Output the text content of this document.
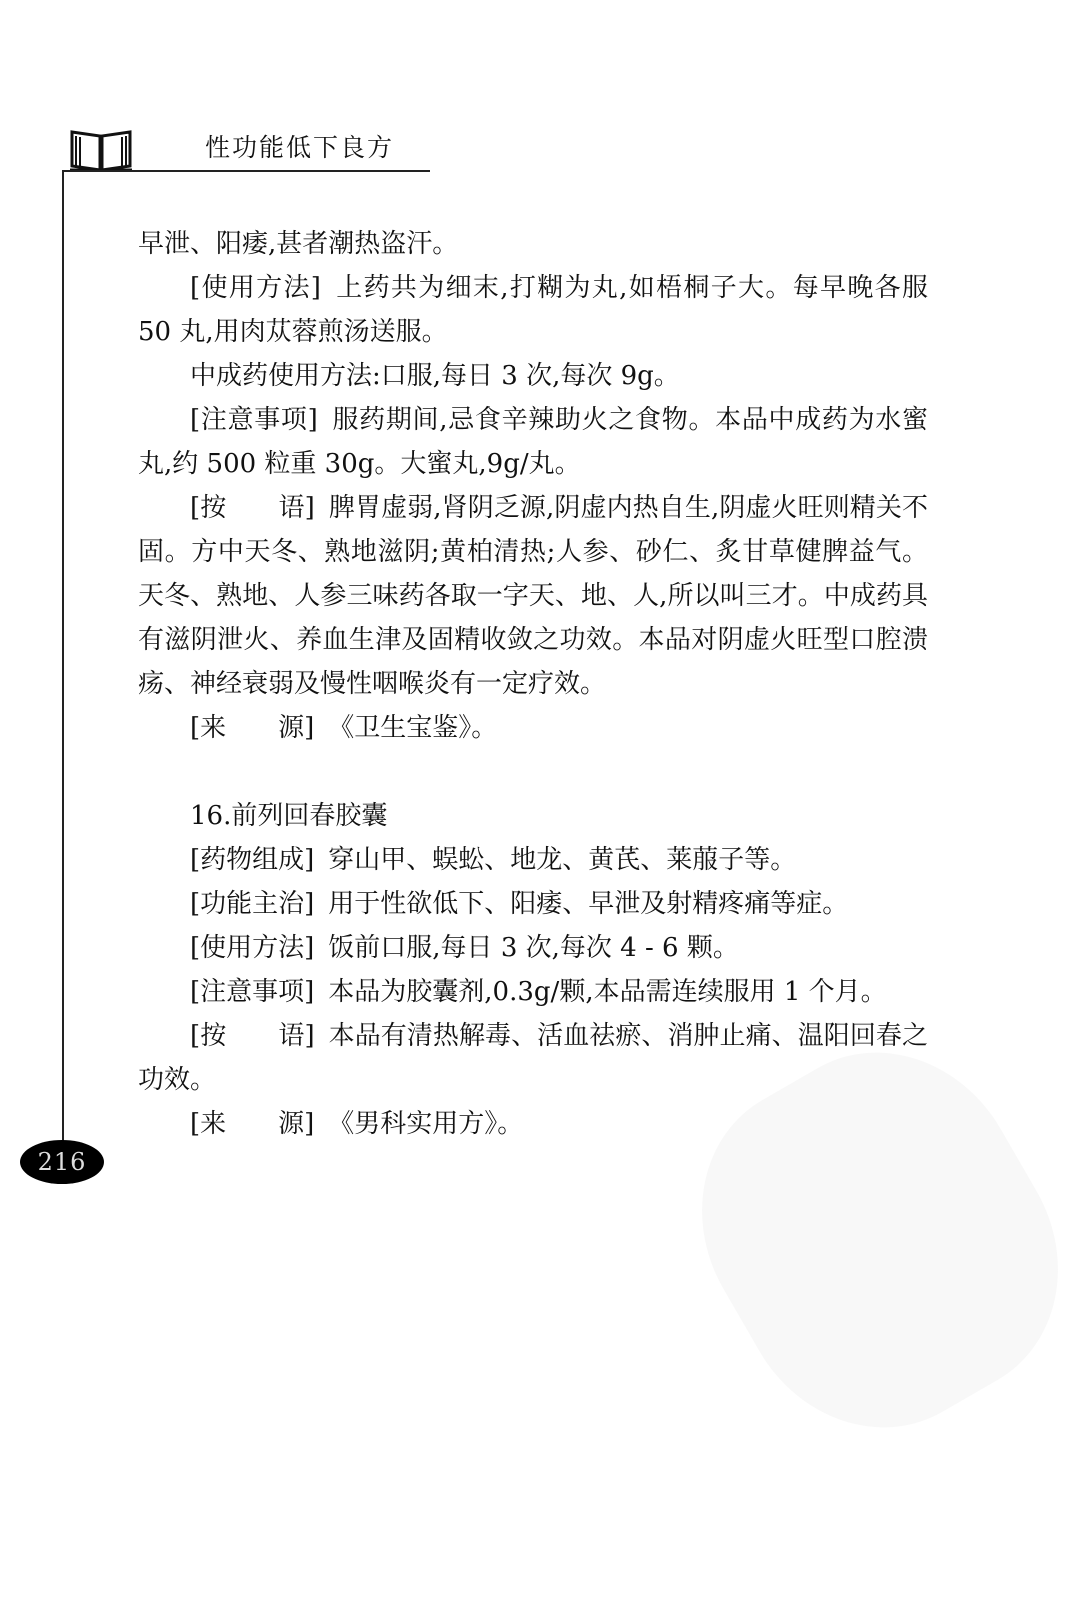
性功能低下良方

早泄、阳痿,甚者潮热盗汗。

[使用方法] 上药共为细末,打糊为丸,如梧桐子大。每早晚各服 50 丸,用肉苁蓉煎汤送服。

中成药使用方法:口服,每日 3 次,每次 9g。

[注意事项] 服药期间,忌食辛辣助火之食物。本品中成药为水蜜丸,约 500 粒重 30g。大蜜丸,9g/丸。

[按　　语] 脾胃虚弱,肾阴乏源,阴虚内热自生,阴虚火旺则精关不固。方中天冬、熟地滋阴;黄柏清热;人参、砂仁、炙甘草健脾益气。天冬、熟地、人参三味药各取一字天、地、人,所以叫三才。中成药具有滋阴泄火、养血生津及固精收敛之功效。本品对阴虚火旺型口腔溃疡、神经衰弱及慢性咽喉炎有一定疗效。

[来　　源] 《卫生宝鉴》。

16.前列回春胶囊

[药物组成] 穿山甲、蜈蚣、地龙、黄芪、莱菔子等。

[功能主治] 用于性欲低下、阳痿、早泄及射精疼痛等症。

[使用方法] 饭前口服,每日 3 次,每次 4 - 6 颗。

[注意事项] 本品为胶囊剂,0.3g/颗,本品需连续服用 1 个月。

[按　　语] 本品有清热解毒、活血祛瘀、消肿止痛、温阳回春之功效。

[来　　源] 《男科实用方》。

216
